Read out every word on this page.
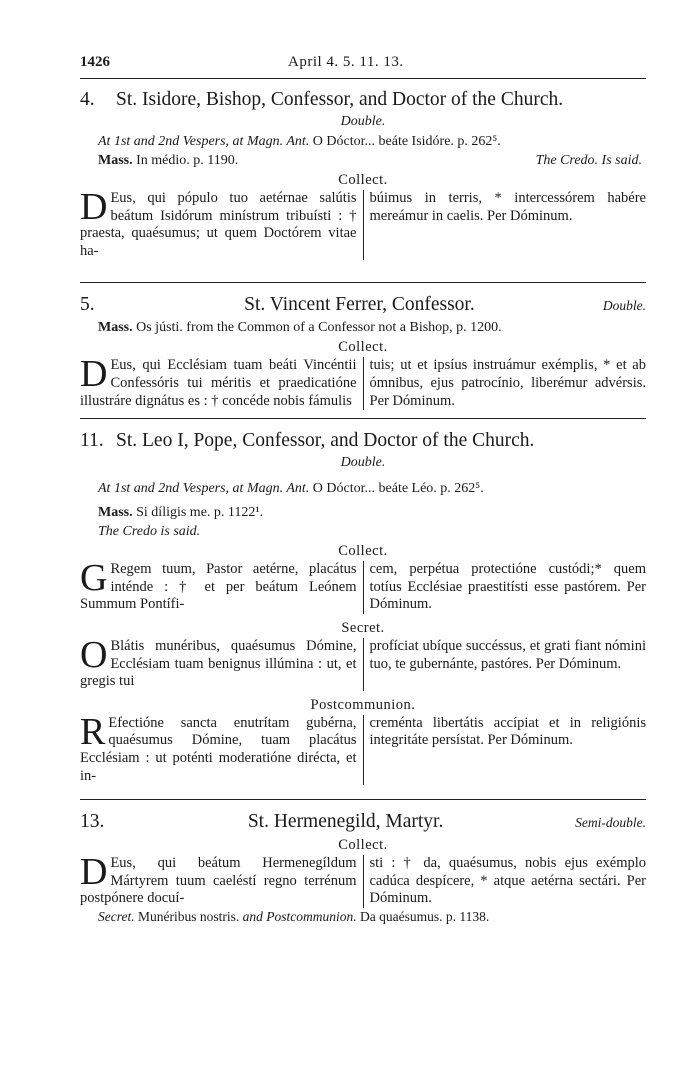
1426	April 4. 5. 11. 13.
4. St. Isidore, Bishop, Confessor, and Doctor of the Church.
Double.
At 1st and 2nd Vespers, at Magn. Ant. O Dóctor... beáte Isidóre. p. 262⁵.
Mass. In médio. p. 1190.	The Credo. Is said.
Collect.

D Eus, qui pópulo tuo aetérnae salútis beátum Isidórum minístrum tribuísti : † praesta, quaésumus; ut quem Doctórem vitae ha-

búimus in terris, * intercessórem habére mereámur in caelis. Per Dóminum.

5.	St. Vincent Ferrer, Confessor.	Double.
Mass. Os jústi. from the Common of a Confessor not a Bishop, p. 1200.
Collect.

D Eus, qui Ecclésiam tuam beáti Vincéntii Confessóris tui méritis et praedicatióne illustráre dignátus es : † concéde nobis fámulis

tuis; ut et ipsíus instruámur exémplis, * et ab ómnibus, ejus patrocínio, liberémur advérsis. Per Dóminum.

11. St. Leo I, Pope, Confessor, and Doctor of the Church.
Double.
At 1st and 2nd Vespers, at Magn. Ant. O Dóctor... beáte Léo. p. 262⁵.
Mass. Si díligis me. p. 1122¹.
The Credo is said.
Collect.

G Regem tuum, Pastor aetérne, placátus inténde : † et per beátum Leónem Summum Pontífi-

cem, perpétua protectióne custódi;* quem totíus Ecclésiae praestitísti esse pastórem. Per Dóminum.

Secret.

O Blátis munéribus, quaésumus Dómine, Ecclésiam tuam benignus illúmina : ut, et gregis tui

profíciat ubíque succéssus, et grati fiant nómini tuo, te gubernánte, pastóres. Per Dóminum.

Postcommunion.

R Efectióne sancta enutrítam gubérna, quaésumus Dómine, tuam placátus Ecclésiam : ut poténti moderatióne dirécta, et in-

creménta libertátis accípiat et in religiónis integritáte persístat. Per Dóminum.

13.	St. Hermenegild, Martyr.	Semi-double.
Collect.

D Eus, qui beátum Hermenegíldum Mártyrem tuum caeléstí regno terrénum postpónere docuí-

sti : † da, quaésumus, nobis ejus exémplo cadúca despícere, * atque aetérna sectári. Per Dóminum.

Secret. Munéribus nostris. and Postcommunion. Da quaésumus. p. 1138.
